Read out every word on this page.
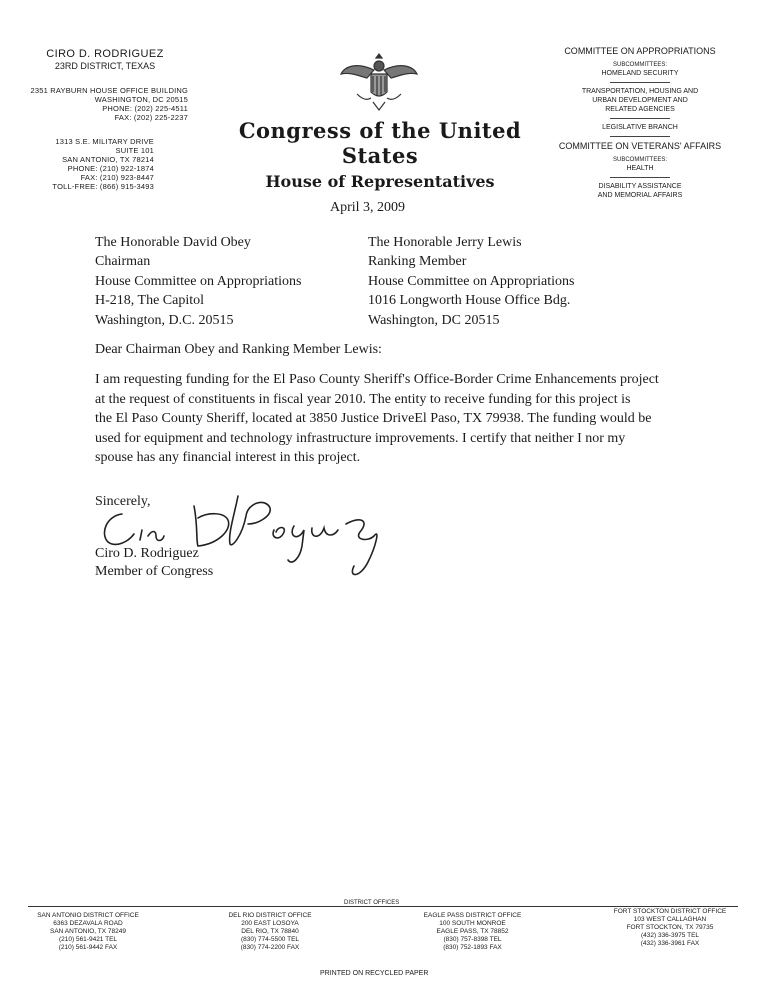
CIRO D. RODRIGUEZ
23RD DISTRICT, TEXAS
2351 RAYBURN HOUSE OFFICE BUILDING
WASHINGTON, DC 20515
PHONE: (202) 225-4511
FAX: (202) 225-2237
1313 S.E. MILITARY DRIVE
SUITE 101
SAN ANTONIO, TX 78214
PHONE: (210) 922-1874
FAX: (210) 923-8447
TOLL-FREE: (866) 915-3493
Congress of the United States
House of Representatives
COMMITTEE ON APPROPRIATIONS
SUBCOMMITTEES:
HOMELAND SECURITY
TRANSPORTATION, HOUSING AND
URBAN DEVELOPMENT AND
RELATED AGENCIES
LEGISLATIVE BRANCH
COMMITTEE ON VETERANS' AFFAIRS
SUBCOMMITTEES:
HEALTH
DISABILITY ASSISTANCE
AND MEMORIAL AFFAIRS
April 3, 2009
The Honorable David Obey
Chairman
House Committee on Appropriations
H-218, The Capitol
Washington, D.C. 20515
The Honorable Jerry Lewis
Ranking Member
House Committee on Appropriations
1016 Longworth House Office Bdg.
Washington, DC 20515
Dear Chairman Obey and Ranking Member Lewis:
I am requesting funding for the El Paso County Sheriff's Office-Border Crime Enhancements project
at the request of constituents in fiscal year 2010. The entity to receive funding for this project is
the El Paso County Sheriff, located at 3850 Justice DriveEl Paso, TX 79938. The funding would be
used for equipment and technology infrastructure improvements. I certify that neither I nor my
spouse has any financial interest in this project.
Sincerely,
Ciro D. Rodriguez
Member of Congress
DISTRICT OFFICES
SAN ANTONIO DISTRICT OFFICE
6363 DEZAVALA ROAD
SAN ANTONIO, TX 78249
(210) 561-9421 TEL
(210) 561-9442 FAX
DEL RIO DISTRICT OFFICE
200 EAST LOSOYA
DEL RIO, TX 78840
(830) 774-5500 TEL
(830) 774-2200 FAX
EAGLE PASS DISTRICT OFFICE
100 SOUTH MONROE
EAGLE PASS, TX 78852
(830) 757-8398 TEL
(830) 752-1893 FAX
FORT STOCKTON DISTRICT OFFICE
103 WEST CALLAGHAN
FORT STOCKTON, TX 79735
(432) 336-3975 TEL
(432) 336-3961 FAX
PRINTED ON RECYCLED PAPER
